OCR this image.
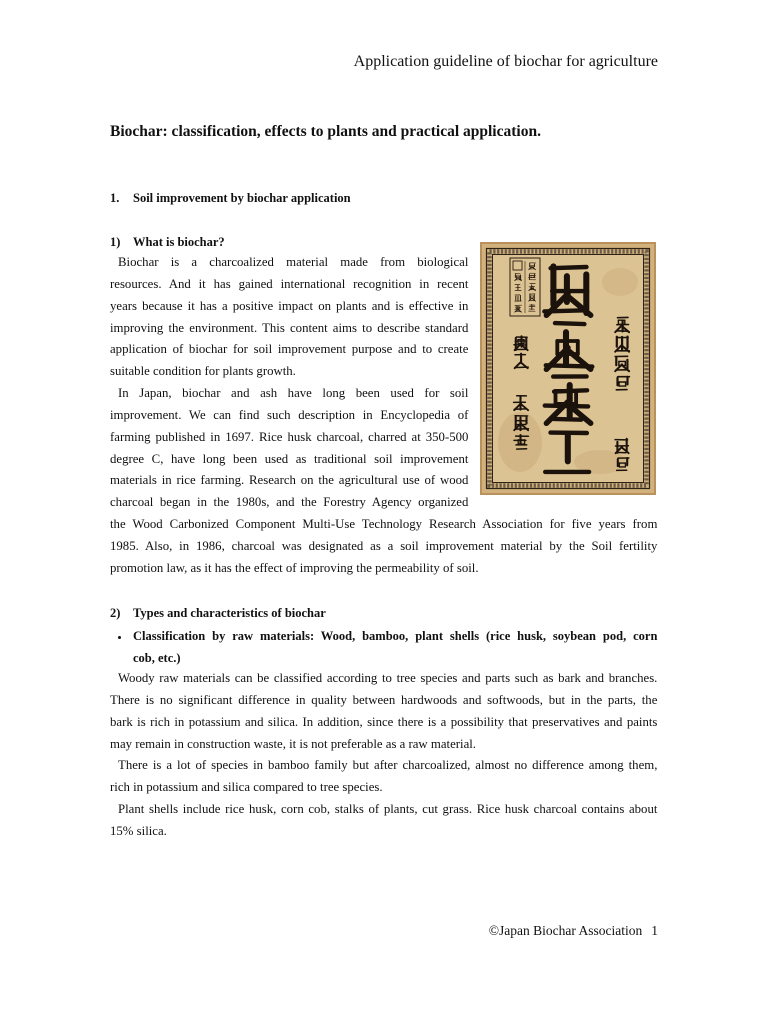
Application guideline of biochar for agriculture
Biochar: classification, effects to plants and practical application.
1. Soil improvement by biochar application
1) What is biochar?
Biochar is a charcoalized material made from biological
resources. And it has gained international recognition in recent
years because it has a positive impact on plants and is effective in
improving the environment. This content aims to describe standard
application of biochar for soil improvement purpose and to create
suitable condition for plants growth.
In Japan, biochar and ash have long been used for soil
improvement. We can find such description in Encyclopedia of
farming published in 1697. Rice husk charcoal, charred at 350-500
degree C, have long been used as traditional soil improvement
materials in rice farming. Research on the agricultural use of wood
charcoal began in the 1980s, and the Forestry Agency organized
the Wood Carbonized Component Multi-Use Technology Research Association for five years from
1985. Also, in 1986, charcoal was designated as a soil improvement material by the Soil fertility
promotion law, as it has the effect of improving the permeability of soil.
2) Types and characteristics of biochar
Classification by raw materials: Wood, bamboo, plant shells (rice husk, soybean pod, corn
cob, etc.)
Woody raw materials can be classified according to tree species and parts such as bark and branches.
There is no significant difference in quality between hardwoods and softwoods, but in the parts, the
bark is rich in potassium and silica. In addition, since there is a possibility that preservatives and paints
may remain in construction waste, it is not preferable as a raw material.
There is a lot of species in bamboo family but after charcoalized, almost no difference among them,
rich in potassium and silica compared to tree species.
Plant shells include rice husk, corn cob, stalks of plants, cut grass. Rice husk charcoal contains about
15% silica.
©Japan Biochar Association 1
